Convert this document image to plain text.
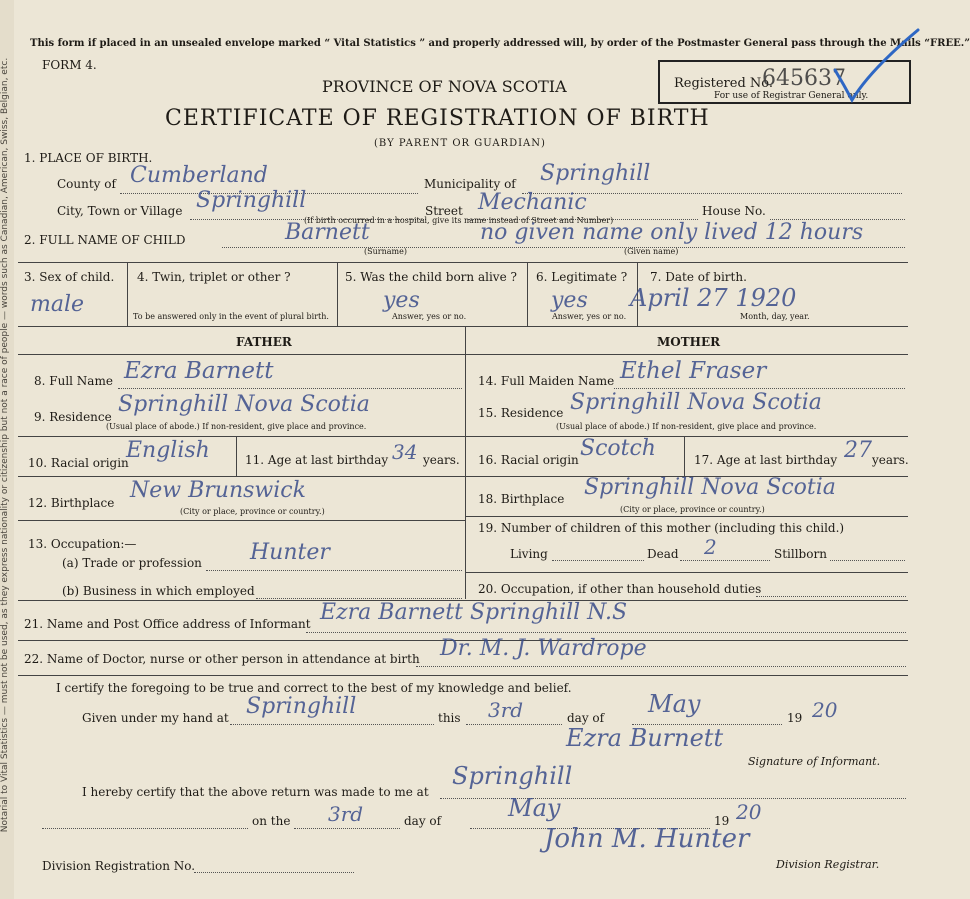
Notarial to Vital Statistics — must not be used, as they express nationality or citizenship but not a race of people — words such as Canadian, American, Swiss, Belgian, etc.
This form if placed in an unsealed envelope marked “ Vital Statistics ” and properly addressed will, by order of the Postmaster General pass through the Mails “FREE.”
FORM 4.
PROVINCE OF NOVA SCOTIA
CERTIFICATE OF REGISTRATION OF BIRTH
(BY PARENT OR GUARDIAN)
Registered No.
645637
For use of Registrar General only.
1. PLACE OF BIRTH.
County of Cumberland	Municipality of Springhill
City, Town or Village Springhill	Street Mechanic	House No.
(If birth occurred in a hospital, give its name instead of Street and Number)
2. FULL NAME OF CHILD	Barnett	no given name only lived 12 hours
(Surname)	(Given name)
3. Sex of child.
male
4. Twin, triplet or other ?
To be answered only in the event of plural birth.
5. Was the child born alive ?
yes
Answer, yes or no.
6. Legitimate ?
yes
Answer, yes or no.
7. Date of birth.
April 27 1920
Month, day, year.
FATHER	MOTHER
8. Full Name Ezra Barnett
9. Residence Springhill Nova Scotia
(Usual place of abode.) If non-resident, give place and province.
10. Racial origin
English	11. Age at last birthday 34 years.
12. Birthplace New Brunswick
(City or place, province or country.)
13. Occupation:—
(a) Trade or profession Hunter
(b) Business in which employed
14. Full Maiden Name Ethel Fraser
15. Residence Springhill Nova Scotia
(Usual place of abode.) If non-resident, give place and province.
16. Racial origin Scotch	17. Age at last birthday 27 years.
18. Birthplace Springhill Nova Scotia
(City or place, province or country.)
19. Number of children of this mother (including this child.)
Living	Dead 2	Stillborn
20. Occupation, if other than household duties
21. Name and Post Office address of Informant Ezra Barnett Springhill N.S
22. Name of Doctor, nurse or other person in attendance at birth Dr. M. J. Wardrope
I certify the foregoing to be true and correct to the best of my knowledge and belief.
Given under my hand at Springhill	this 3rd	day of May	19 20
Ezra Burnett
Signature of Informant.
I hereby certify that the above return was made to me at
Springhill
on the 3rd	day of	May	19 20
Division Registration No.
John M. Hunter
Division Registrar.
